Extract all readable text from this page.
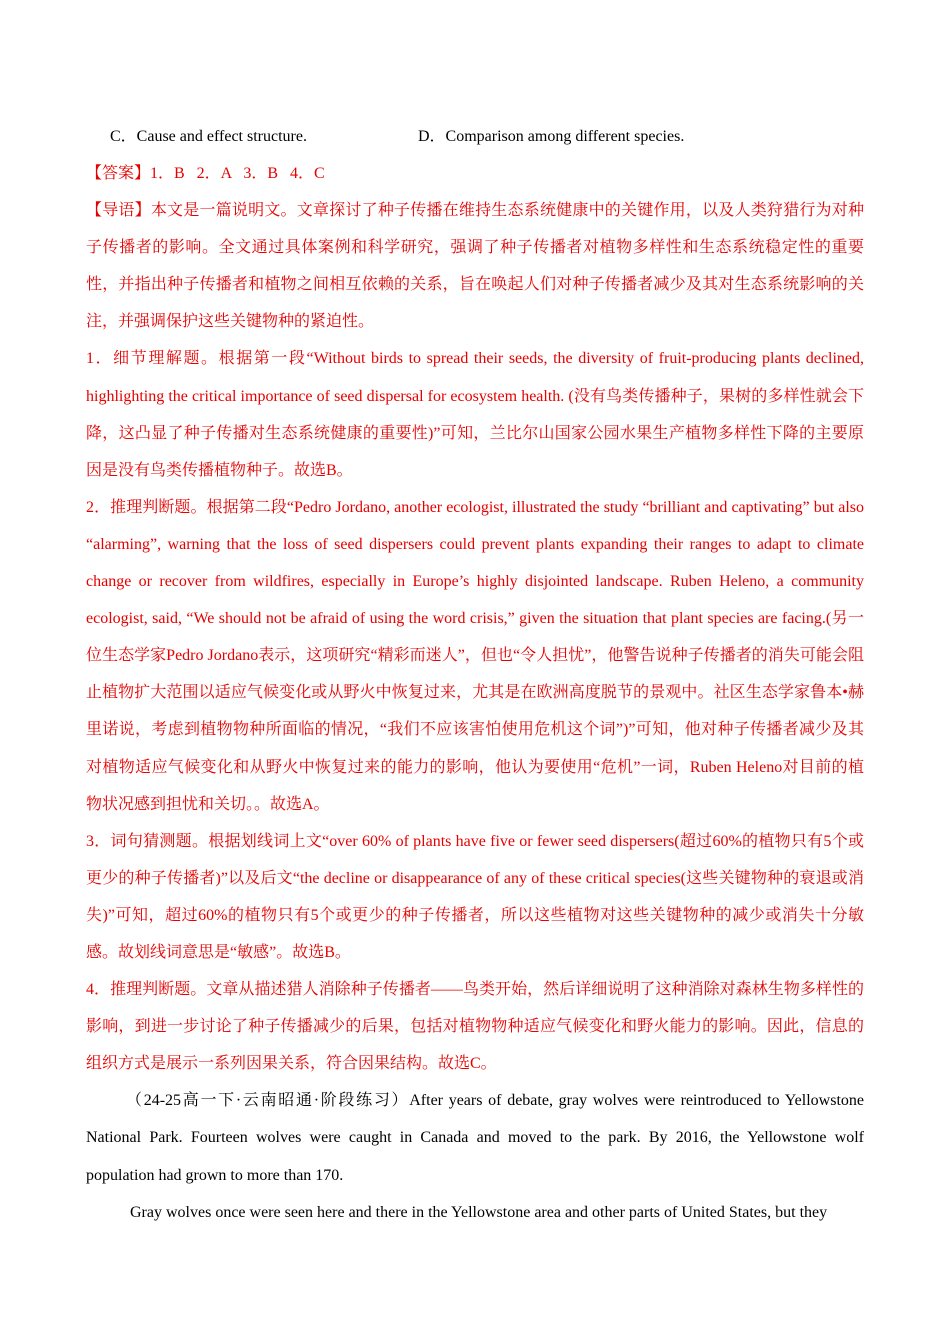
C．Cause and effect structure.	D．Comparison among different species.

【答案】1．B   2．A   3．B   4．C

【导语】本文是一篇说明文。文章探讨了种子传播在维持生态系统健康中的关键作用，以及人类狩猎行为对种子传播者的影响。全文通过具体案例和科学研究，强调了种子传播者对植物多样性和生态系统稳定性的重要性，并指出种子传播者和植物之间相互依赖的关系，旨在唤起人们对种子传播者减少及其对生态系统影响的关注，并强调保护这些关键物种的紧迫性。

1．细节理解题。根据第一段“Without birds to spread their seeds, the diversity of fruit-producing plants declined, highlighting the critical importance of seed dispersal for ecosystem health. (没有鸟类传播种子，果树的多样性就会下降，这凸显了种子传播对生态系统健康的重要性)”可知，兰比尔山国家公园水果生产植物多样性下降的主要原因是没有鸟类传播植物种子。故选B。

2．推理判断题。根据第二段“Pedro Jordano, another ecologist, illustrated the study “brilliant and captivating” but also “alarming”, warning that the loss of seed dispersers could prevent plants expanding their ranges to adapt to climate change or recover from wildfires, especially in Europe’s highly disjointed landscape. Ruben Heleno, a community ecologist, said, “We should not be afraid of using the word crisis,” given the situation that plant species are facing.(另一位生态学家Pedro Jordano表示，这项研究“精彩而迷人”，但也“令人担忧”，他警告说种子传播者的消失可能会阻止植物扩大范围以适应气候变化或从野火中恢复过来，尤其是在欧洲高度脱节的景观中。社区生态学家鲁本•赫里诺说，考虑到植物物种所面临的情况，“我们不应该害怕使用危机这个词”)”可知，他对种子传播者减少及其对植物适应气候变化和从野火中恢复过来的能力的影响，他认为要使用“危机”一词，Ruben Heleno对目前的植物状况感到担忧和关切。。故选A。

3．词句猜测题。根据划线词上文“over 60% of plants have five or fewer seed dispersers(超过60%的植物只有5个或更少的种子传播者)”以及后文“the decline or disappearance of any of these critical species(这些关键物种的衰退或消失)”可知，超过60%的植物只有5个或更少的种子传播者，所以这些植物对这些关键物种的减少或消失十分敏感。故划线词意思是“敏感”。故选B。

4．推理判断题。文章从描述猎人消除种子传播者——鸟类开始，然后详细说明了这种消除对森林生物多样性的影响，到进一步讨论了种子传播减少的后果，包括对植物物种适应气候变化和野火能力的影响。因此，信息的组织方式是展示一系列因果关系，符合因果结构。故选C。

（24-25高一下·云南昭通·阶段练习）After years of debate, gray wolves were reintroduced to Yellowstone National Park. Fourteen wolves were caught in Canada and moved to the park. By 2016, the Yellowstone wolf population had grown to more than 170.

Gray wolves once were seen here and there in the Yellowstone area and other parts of United States, but they
